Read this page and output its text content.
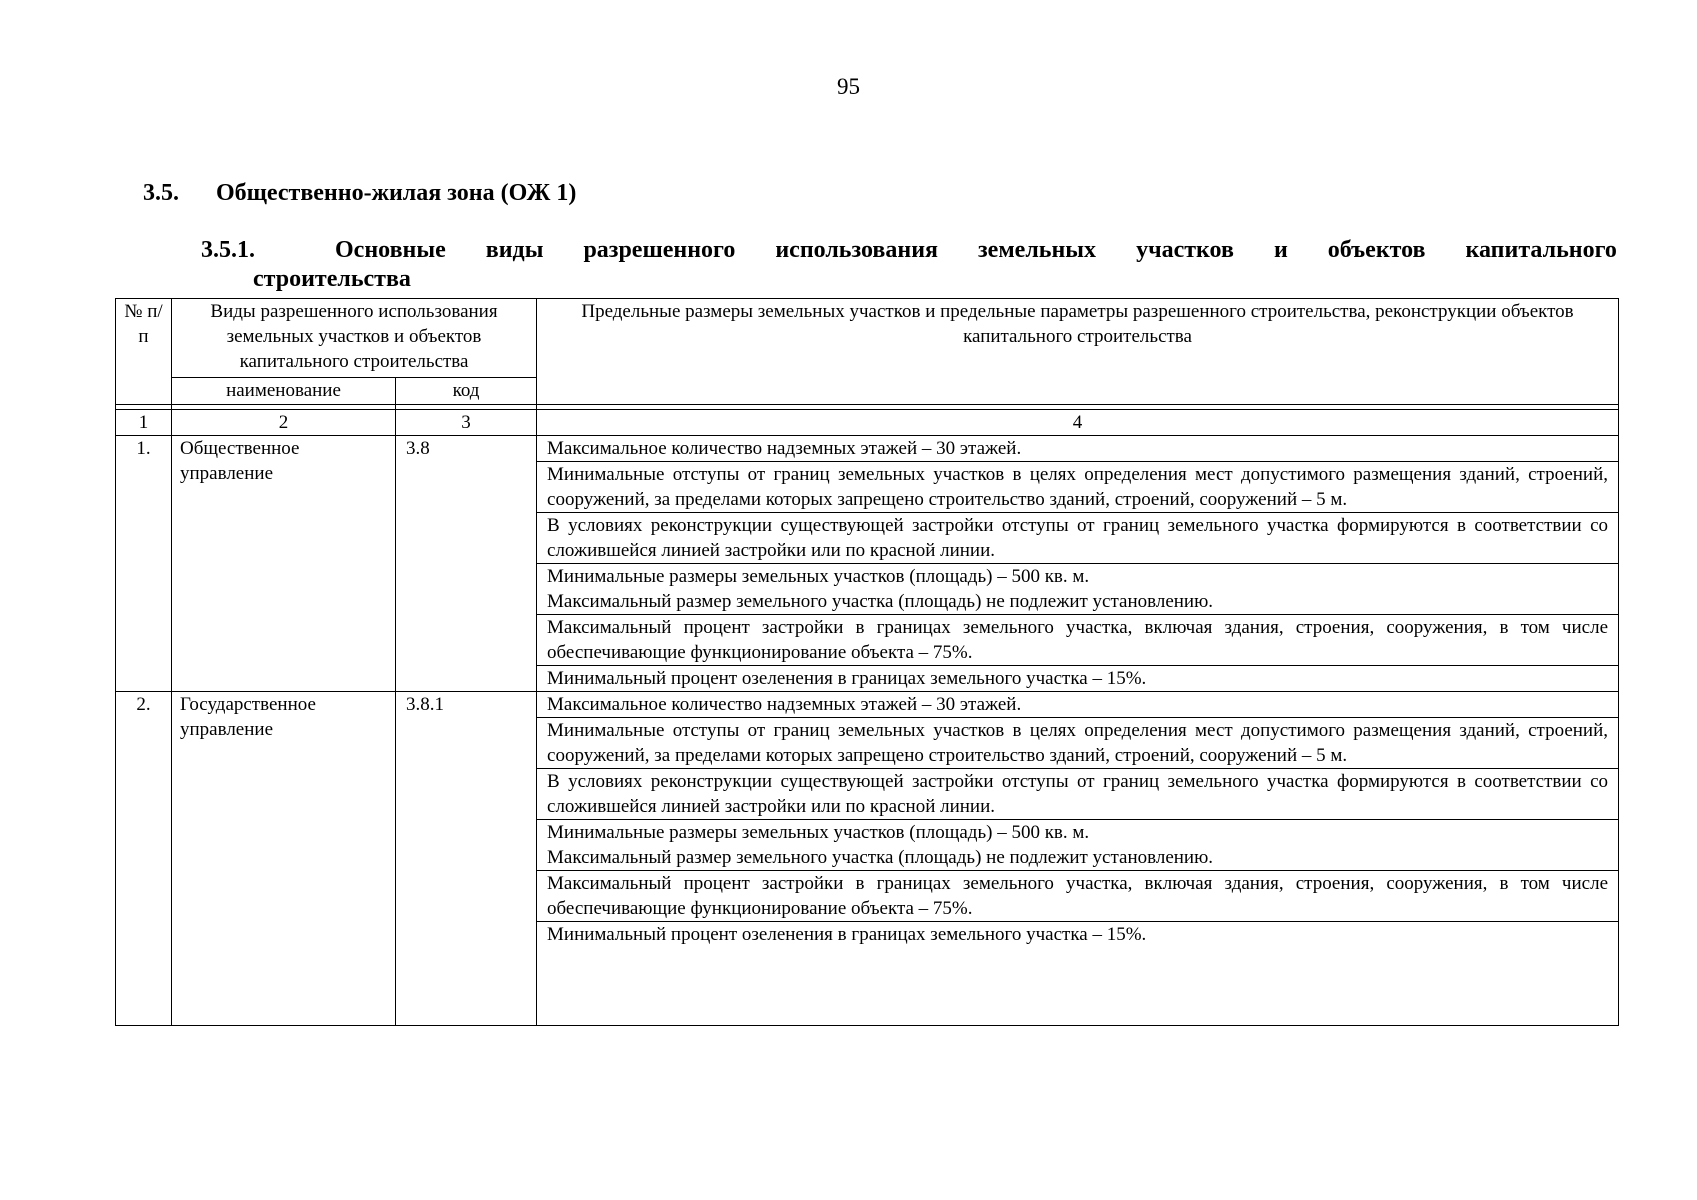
95
3.5. Общественно-жилая зона (ОЖ 1)
3.5.1.	Основные виды разрешенного использования земельных участков и объектов капитального
строительства
№ п/п	Виды разрешенного использования земельных участков и объектов капитального строительства		Предельные размеры земельных участков и предельные параметры разрешенного строительства, реконструкции объектов капитального строительства
	наименование	код	

1	2	3	4
1.	Общественное управление	3.8	Максимальное количество надземных этажей – 30 этажей.
			Минимальные отступы от границ земельных участков в целях определения мест допустимого размещения зданий, строений, сооружений, за пределами которых запрещено строительство зданий, строений, сооружений – 5 м.
			В условиях реконструкции существующей застройки отступы от границ земельного участка формируются в соответствии со сложившейся линией застройки или по красной линии.

			Минимальные размеры земельных участков (площадь) – 500 кв. м.
Максимальный размер земельного участка (площадь) не подлежит установлению.

			Максимальный процент застройки в границах земельного участка, включая здания, строения, сооружения, в том числе обеспечивающие функционирование объекта – 75%.
			Минимальный процент озеленения в границах земельного участка – 15%.
2.	Государственное управление	3.8.1	Максимальное количество надземных этажей – 30 этажей.
			Минимальные отступы от границ земельных участков в целях определения мест допустимого размещения зданий, строений, сооружений, за пределами которых запрещено строительство зданий, строений, сооружений – 5 м.
			В условиях реконструкции существующей застройки отступы от границ земельного участка формируются в соответствии со сложившейся линией застройки или по красной линии.

			Минимальные размеры земельных участков (площадь) – 500 кв. м.
Максимальный размер земельного участка (площадь) не подлежит установлению.

			Максимальный процент застройки в границах земельного участка, включая здания, строения, сооружения, в том числе обеспечивающие функционирование объекта – 75%.
			Минимальный процент озеленения в границах земельного участка – 15%.
